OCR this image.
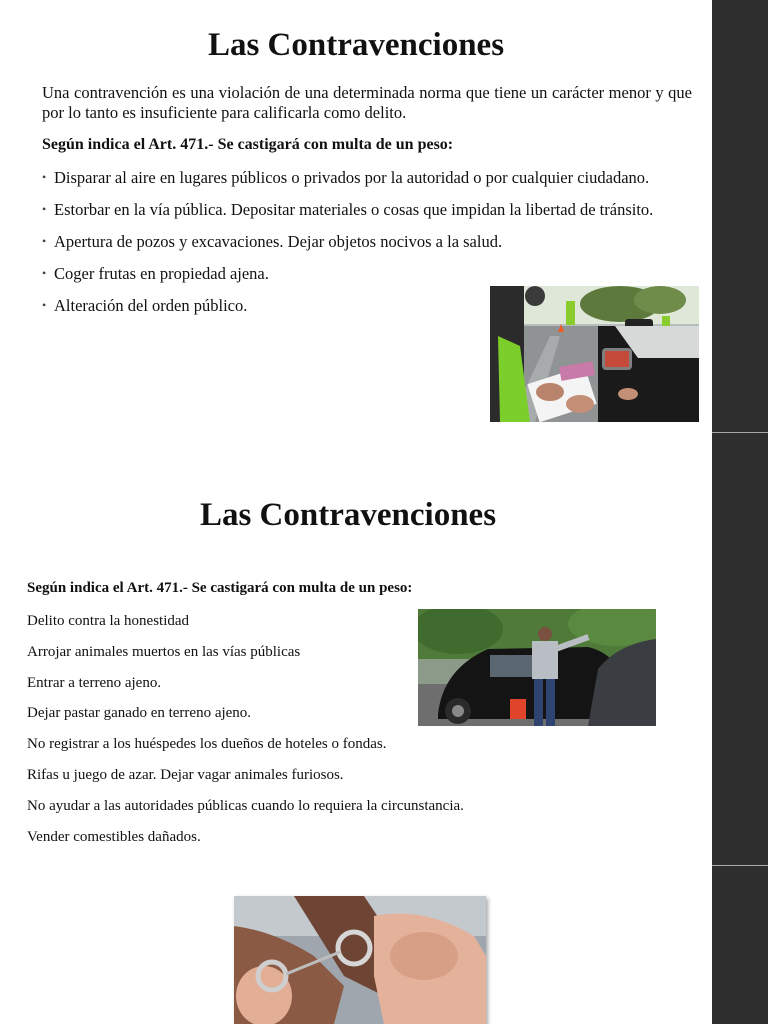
Las Contravenciones
Una contravención es una violación de una determinada norma que tiene un carácter menor y que por lo tanto es insuficiente para calificarla como delito.
Según indica el Art. 471.- Se castigará con multa de un peso:
• Disparar al aire en lugares públicos o privados por la autoridad o por cualquier ciudadano.
• Estorbar en la vía pública. Depositar materiales o cosas que impidan la libertad de tránsito.
• Apertura de pozos y excavaciones. Dejar objetos nocivos a la salud.
• Coger frutas en propiedad ajena.
• Alteración del orden público.
Las Contravenciones
Según indica el Art. 471.- Se castigará con multa de un peso:
Delito contra la honestidad
Arrojar animales muertos en las vías públicas
Entrar a terreno ajeno.
Dejar pastar ganado en terreno ajeno.
No registrar a los huéspedes los dueños de hoteles o fondas.
Rifas u juego de azar. Dejar vagar animales furiosos.
No ayudar a las autoridades públicas cuando lo requiera la circunstancia.
Vender comestibles dañados.
